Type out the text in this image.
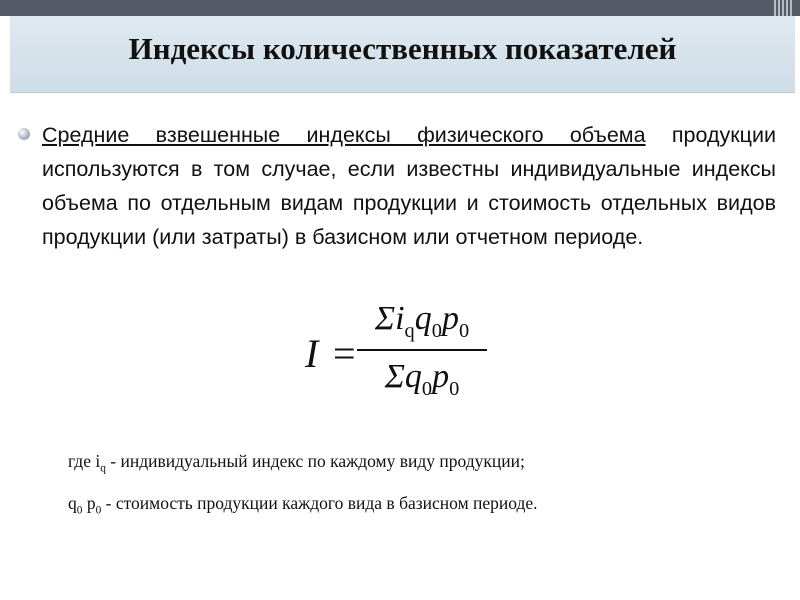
Индексы количественных показателей
Средние взвешенные индексы физического объема продукции используются в том случае, если известны индивидуальные индексы объема по отдельным видам продукции и стоимость отдельных видов продукции (или затраты) в базисном или отчетном периоде.
I =
$\Sigma i_qq_0p_0$
$\Sigma q_0p_0$
где $i_q$ - индивидуальный индекс по каждому виду продукции;
$q_0$ $p_0$ - стоимость продукции каждого вида в базисном периоде.
